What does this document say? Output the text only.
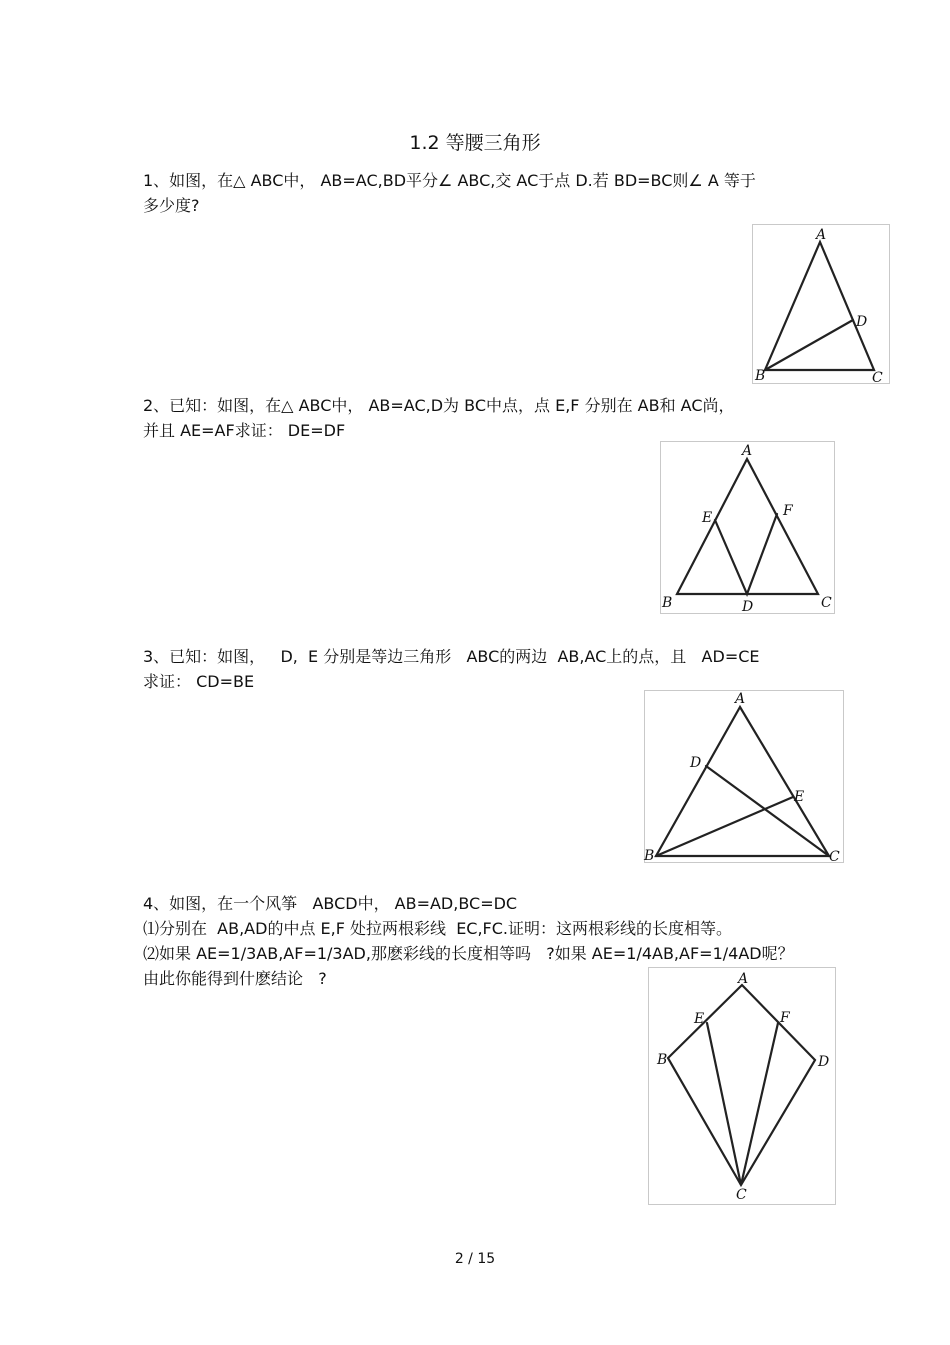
1.2 等腰三角形
1、如图，在△ ABC中， AB=AC,BD平分∠ ABC,交 AC于点 D.若 BD=BC则∠ A 等于
多少度?
A
B	C
D
2、已知：如图，在△ ABC中， AB=AC,D为 BC中点，点 E,F 分别在 AB和 AC尚，
并且 AE=AF求证： DE=DF
A
B	C
D
E	F
3、已知：如图，   D,  E 分别是等边三角形   ABC的两边  AB,AC上的点，且   AD=CE
求证： CD=BE
A
B	C
D
E
4、如图，在一个风筝   ABCD中， AB=AD,BC=DC
⑴分别在  AB,AD的中点 E,F 处拉两根彩线  EC,FC.证明：这两根彩线的长度相等。
⑵如果 AE=1/3AB,AF=1/3AD,那麽彩线的长度相等吗   ?如果 AE=1/4AB,AF=1/4AD呢？
由此你能得到什麽结论   ?	A
B
C
D
E	F
2 / 15
